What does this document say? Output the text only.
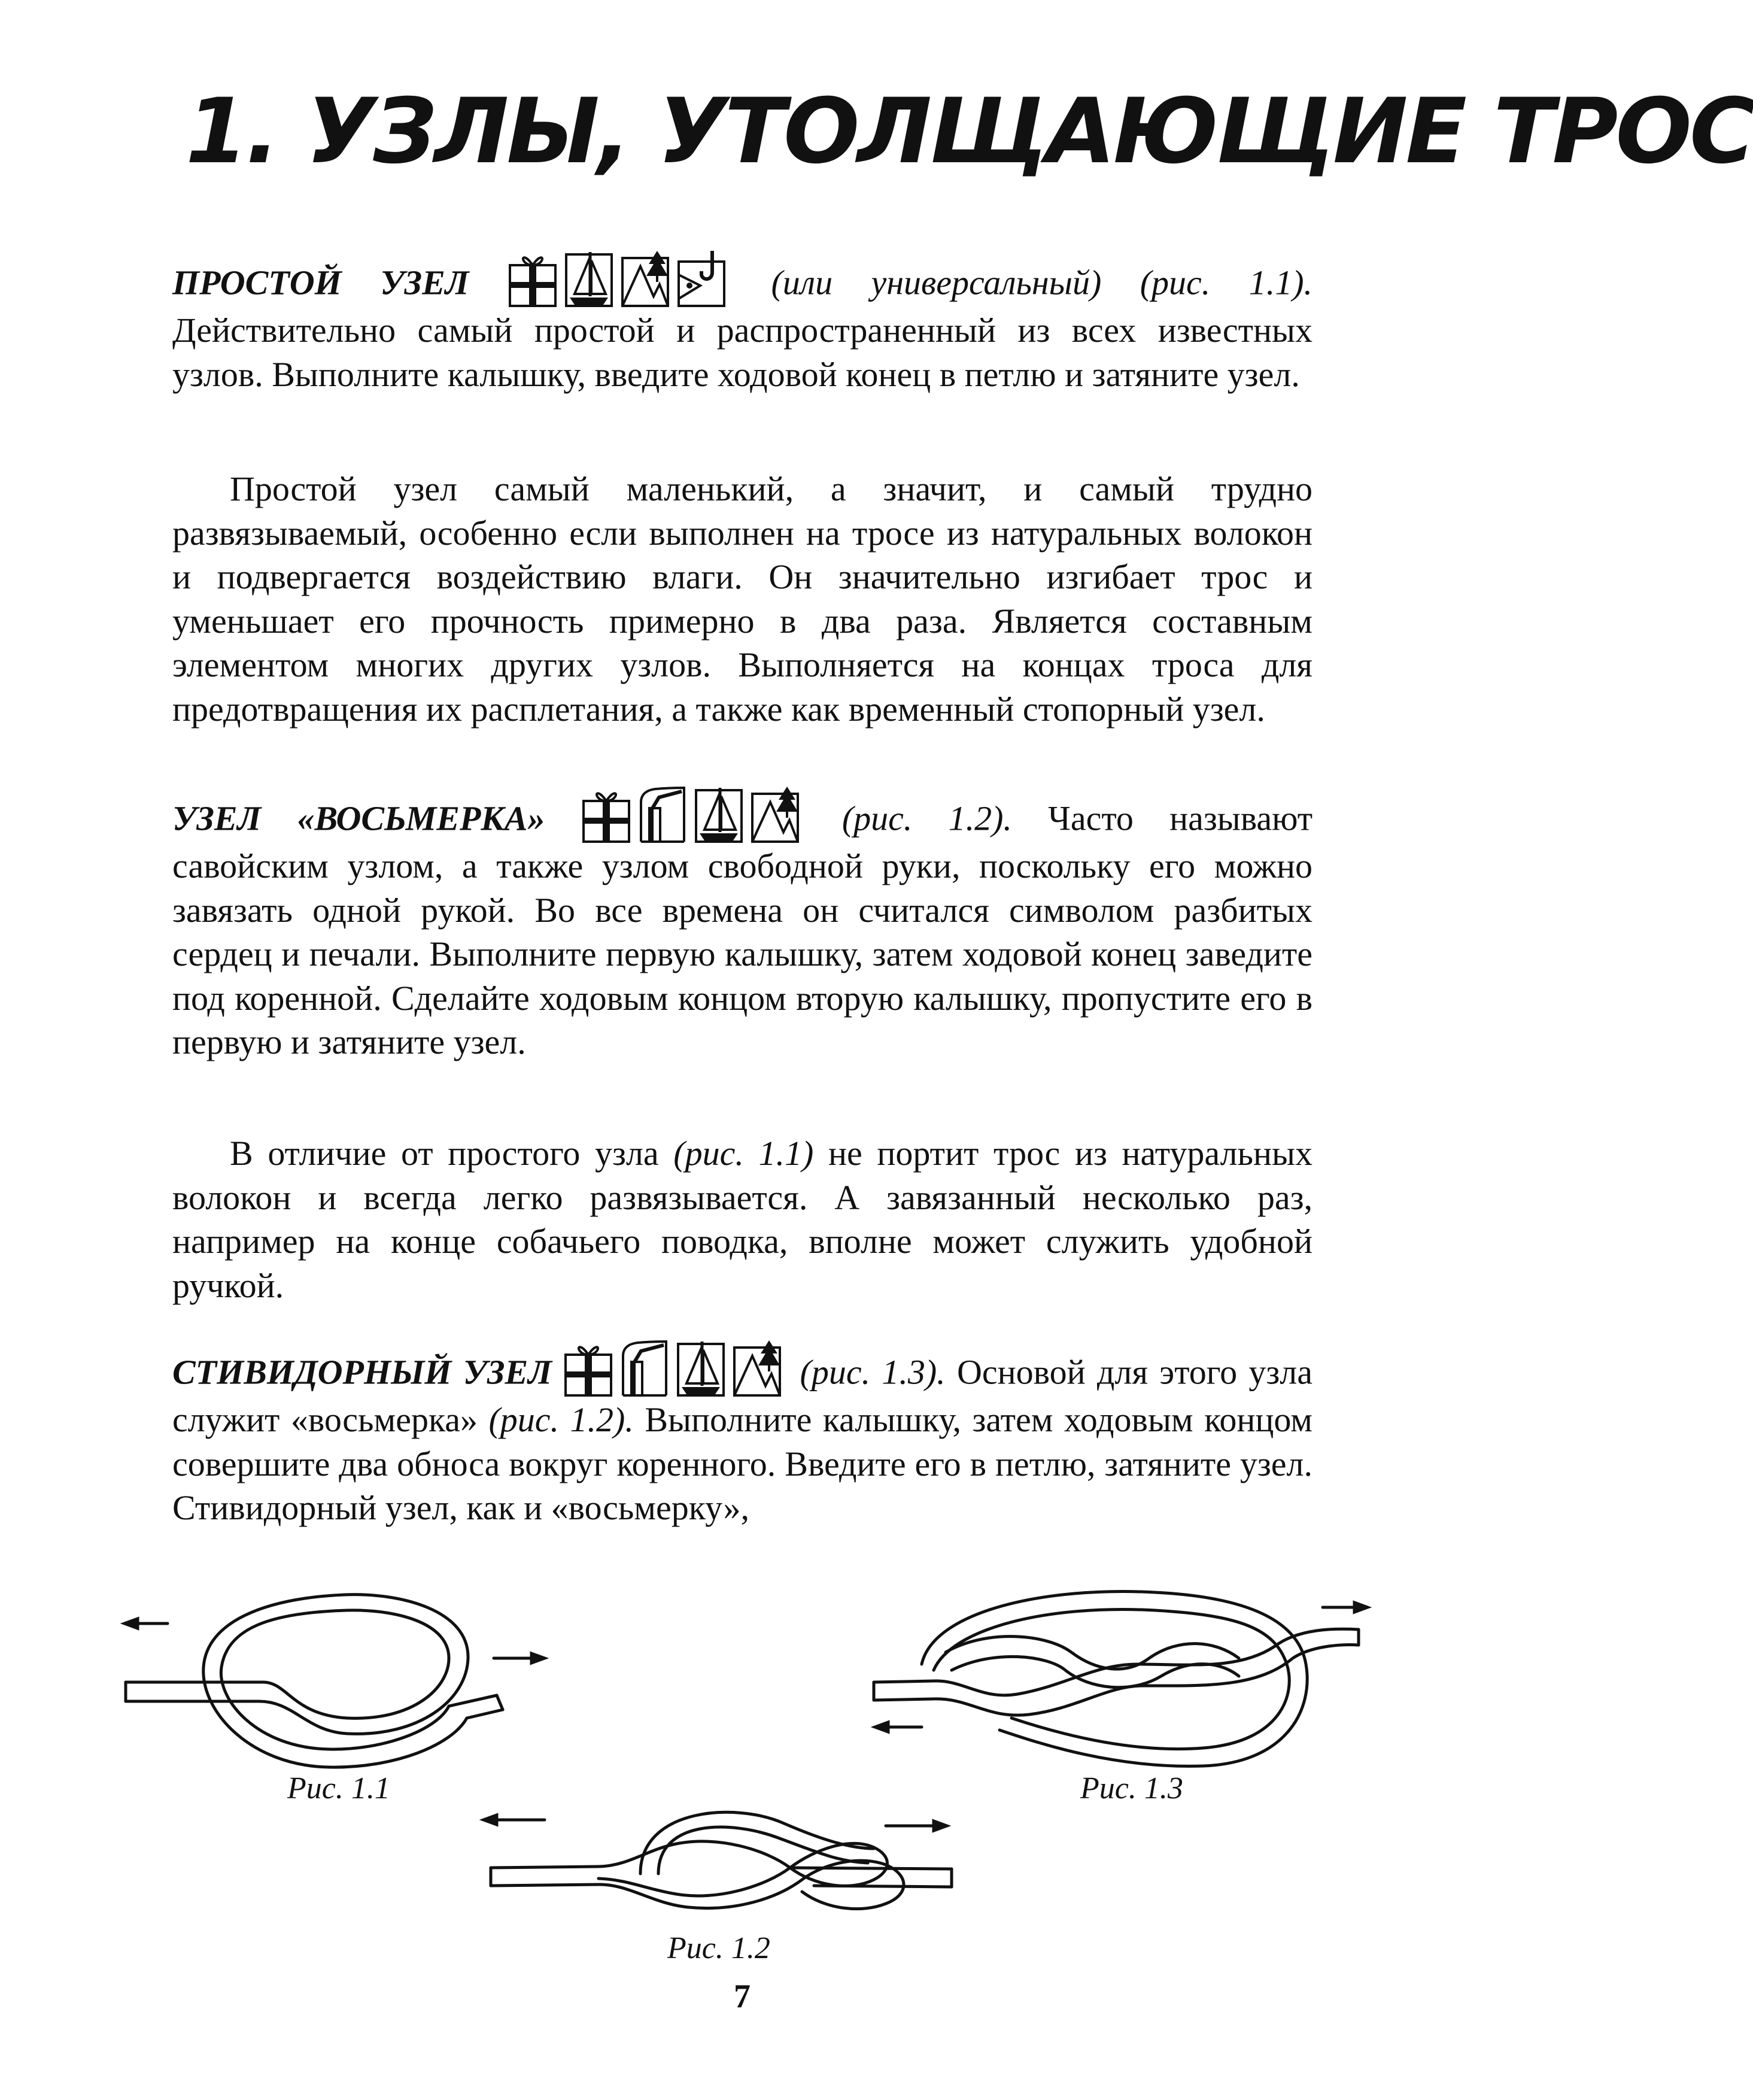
1. УЗЛЫ, УТОЛЩАЮЩИЕ ТРОС

ПРОСТОЙ УЗЕЛ	(или универсальный) (рис. 1.1). Действительно самый простой и распространенный из всех известных узлов. Выполните калышку, введите ходовой конец в петлю и затяните узел.

Простой узел самый маленький, а значит, и самый трудно развязываемый, особенно если выполнен на тросе из натуральных волокон и подвергается воздействию влаги. Он значительно изгибает трос и уменьшает его прочность примерно в два раза. Является составным элементом многих других узлов. Выполняется на концах троса для предотвращения их расплетания, а также как временный стопорный узел.

УЗЕЛ «ВОСЬМЕРКА»	(рис. 1.2). Часто называют савойским узлом, а также узлом свободной руки, поскольку его можно завязать одной рукой. Во все времена он считался символом разбитых сердец и печали. Выполните первую калышку, затем ходовой конец заведите под коренной. Сделайте ходовым концом вторую калышку, пропустите его в первую и затяните узел.

В отличие от простого узла (рис. 1.1) не портит трос из натуральных волокон и всегда легко развязывается. А завязанный несколько раз, например на конце собачьего поводка, вполне может служить удобной ручкой.

СТИВИДОРНЫЙ УЗЕЛ	(рис. 1.3). Основой для этого узла служит «восьмерка» (рис. 1.2). Выполните калышку, затем ходовым концом совершите два обноса вокруг коренного. Введите его в петлю, затяните узел. Стивидорный узел, как и «восьмерку»,

Рис. 1.1	Рис. 1.3

Рис. 1.2

7
